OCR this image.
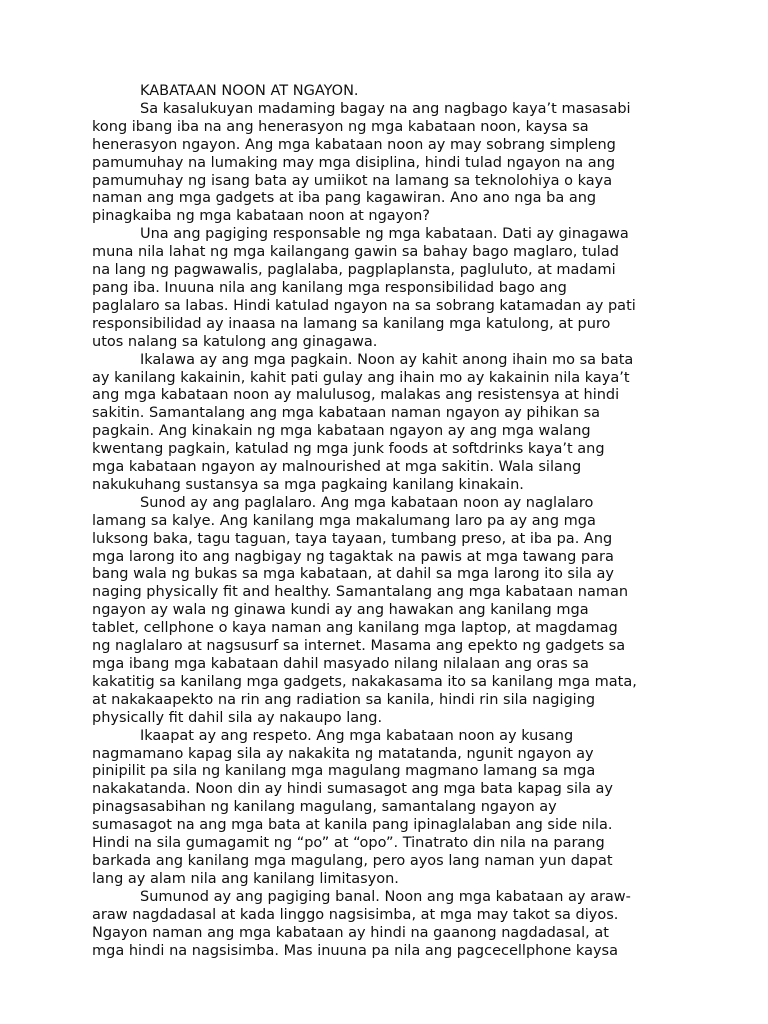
KABATAAN NOON AT NGAYON.

Sa kasalukuyan madaming bagay na ang nagbago kaya’t masasabi
kong ibang iba na ang henerasyon ng mga kabataan noon, kaysa sa
henerasyon ngayon. Ang mga kabataan noon ay may sobrang simpleng
pamumuhay na lumaking may mga disiplina, hindi tulad ngayon na ang
pamumuhay ng isang bata ay umiikot na lamang sa teknolohiya o kaya
naman ang mga gadgets at iba pang kagawiran. Ano ano nga ba ang
pinagkaiba ng mga kabataan noon at ngayon?

Una ang pagiging responsable ng mga kabataan. Dati ay ginagawa
muna nila lahat ng mga kailangang gawin sa bahay bago maglaro, tulad
na lang ng pagwawalis, paglalaba, pagplaplansta, pagluluto, at madami
pang iba. Inuuna nila ang kanilang mga responsibilidad bago ang
paglalaro sa labas. Hindi katulad ngayon na sa sobrang katamadan ay pati
responsibilidad ay inaasa na lamang sa kanilang mga katulong, at puro
utos nalang sa katulong ang ginagawa.

Ikalawa ay ang mga pagkain. Noon ay kahit anong ihain mo sa bata
ay kanilang kakainin, kahit pati gulay ang ihain mo ay kakainin nila kaya’t
ang mga kabataan noon ay malulusog, malakas ang resistensya at hindi
sakitin. Samantalang ang mga kabataan naman ngayon ay pihikan sa
pagkain. Ang kinakain ng mga kabataan ngayon ay ang mga walang
kwentang pagkain, katulad ng mga junk foods at softdrinks kaya’t ang
mga kabataan ngayon ay malnourished at mga sakitin. Wala silang
nakukuhang sustansya sa mga pagkaing kanilang kinakain.

Sunod ay ang paglalaro. Ang mga kabataan noon ay naglalaro
lamang sa kalye. Ang kanilang mga makalumang laro pa ay ang mga
luksong baka, tagu taguan, taya tayaan, tumbang preso, at iba pa. Ang
mga larong ito ang nagbigay ng tagaktak na pawis at mga tawang para
bang wala ng bukas sa mga kabataan, at dahil sa mga larong ito sila ay
naging physically fit and healthy. Samantalang ang mga kabataan naman
ngayon ay wala ng ginawa kundi ay ang hawakan ang kanilang mga
tablet, cellphone o kaya naman ang kanilang mga laptop, at magdamag
ng naglalaro at nagsusurf sa internet. Masama ang epekto ng gadgets sa
mga ibang mga kabataan dahil masyado nilang nilalaan ang oras sa
kakatitig sa kanilang mga gadgets, nakakasama ito sa kanilang mga mata,
at nakakaapekto na rin ang radiation sa kanila, hindi rin sila nagiging
physically fit dahil sila ay nakaupo lang.

Ikaapat ay ang respeto. Ang mga kabataan noon ay kusang
nagmamano kapag sila ay nakakita ng matatanda, ngunit ngayon ay
pinipilit pa sila ng kanilang mga magulang magmano lamang sa mga
nakakatanda. Noon din ay hindi sumasagot ang mga bata kapag sila ay
pinagsasabihan ng kanilang magulang, samantalang ngayon ay
sumasagot na ang mga bata at kanila pang ipinaglalaban ang side nila.
Hindi na sila gumagamit ng “po” at “opo”. Tinatrato din nila na parang
barkada ang kanilang mga magulang, pero ayos lang naman yun dapat
lang ay alam nila ang kanilang limitasyon.

Sumunod ay ang pagiging banal. Noon ang mga kabataan ay araw-
araw nagdadasal at kada linggo nagsisimba, at mga may takot sa diyos.
Ngayon naman ang mga kabataan ay hindi na gaanong nagdadasal, at
mga hindi na nagsisimba. Mas inuuna pa nila ang pagcecellphone kaysa
